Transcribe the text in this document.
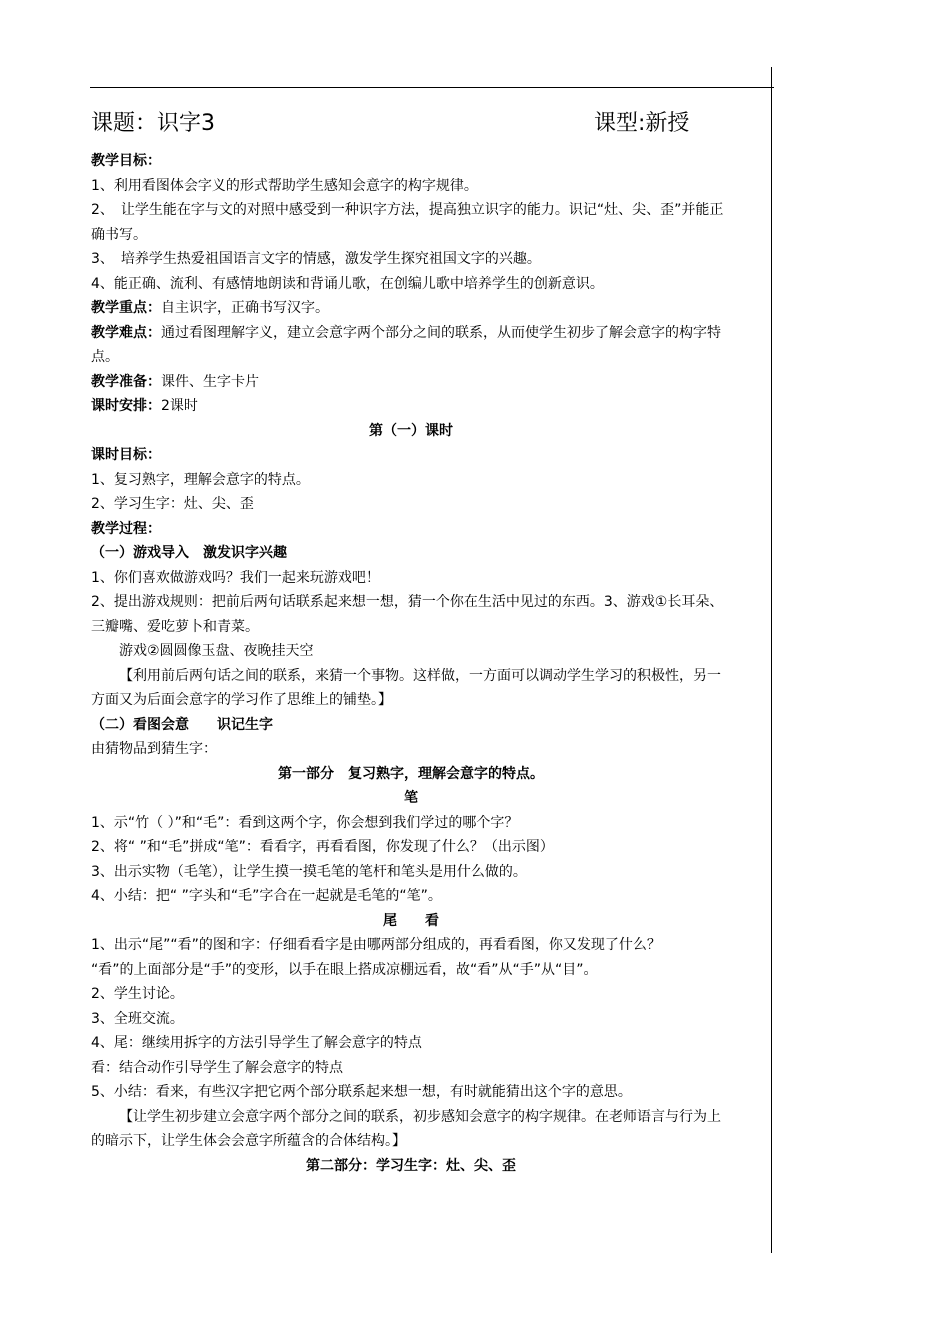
课题：识字3	课型:新授

教学目标：

1、利用看图体会字义的形式帮助学生感知会意字的构字规律。

2、　让学生能在字与文的对照中感受到一种识字方法，提高独立识字的能力。识记“灶、尖、歪”并能正确书写。

3、　培养学生热爱祖国语言文字的情感，激发学生探究祖国文字的兴趣。

4、能正确、流利、有感情地朗读和背诵儿歌，在创编儿歌中培养学生的创新意识。

教学重点：自主识字，正确书写汉字。

教学难点：通过看图理解字义，建立会意字两个部分之间的联系，从而使学生初步了解会意字的构字特点。

教学准备：课件、生字卡片

课时安排：2课时

第（一）课时

课时目标：

1、复习熟字，理解会意字的特点。

2、学习生字：灶、尖、歪

教学过程：

（一）游戏导入　激发识字兴趣

1、你们喜欢做游戏吗？我们一起来玩游戏吧！

2、提出游戏规则：把前后两句话联系起来想一想，猜一个你在生活中见过的东西。3、游戏①长耳朵、三瓣嘴、爱吃萝卜和青菜。

游戏②圆圆像玉盘、夜晚挂天空

【利用前后两句话之间的联系，来猜一个事物。这样做，一方面可以调动学生学习的积极性，另一方面又为后面会意字的学习作了思维上的铺垫。】

（二）看图会意　　识记生字

由猜物品到猜生字：

第一部分　复习熟字，理解会意字的特点。

笔

1、示“竹（ ）”和“毛”：看到这两个字，你会想到我们学过的哪个字？

2、将“ ”和“毛”拼成“笔”：看看字，再看看图，你发现了什么？（出示图）

3、出示实物（毛笔），让学生摸一摸毛笔的笔杆和笔头是用什么做的。

4、小结：把“ ”字头和“毛”字合在一起就是毛笔的“笔”。

尾　　看

1、出示“尾”“看”的图和字：仔细看看字是由哪两部分组成的，再看看图，你又发现了什么？

“看”的上面部分是“手”的变形，以手在眼上搭成凉棚远看，故“看”从“手”从“目”。

2、学生讨论。

3、全班交流。

4、尾：继续用拆字的方法引导学生了解会意字的特点

看：结合动作引导学生了解会意字的特点

5、小结：看来，有些汉字把它两个部分联系起来想一想，有时就能猜出这个字的意思。

【让学生初步建立会意字两个部分之间的联系，初步感知会意字的构字规律。在老师语言与行为上的暗示下，让学生体会会意字所蕴含的合体结构。】

第二部分：学习生字：灶、尖、歪
